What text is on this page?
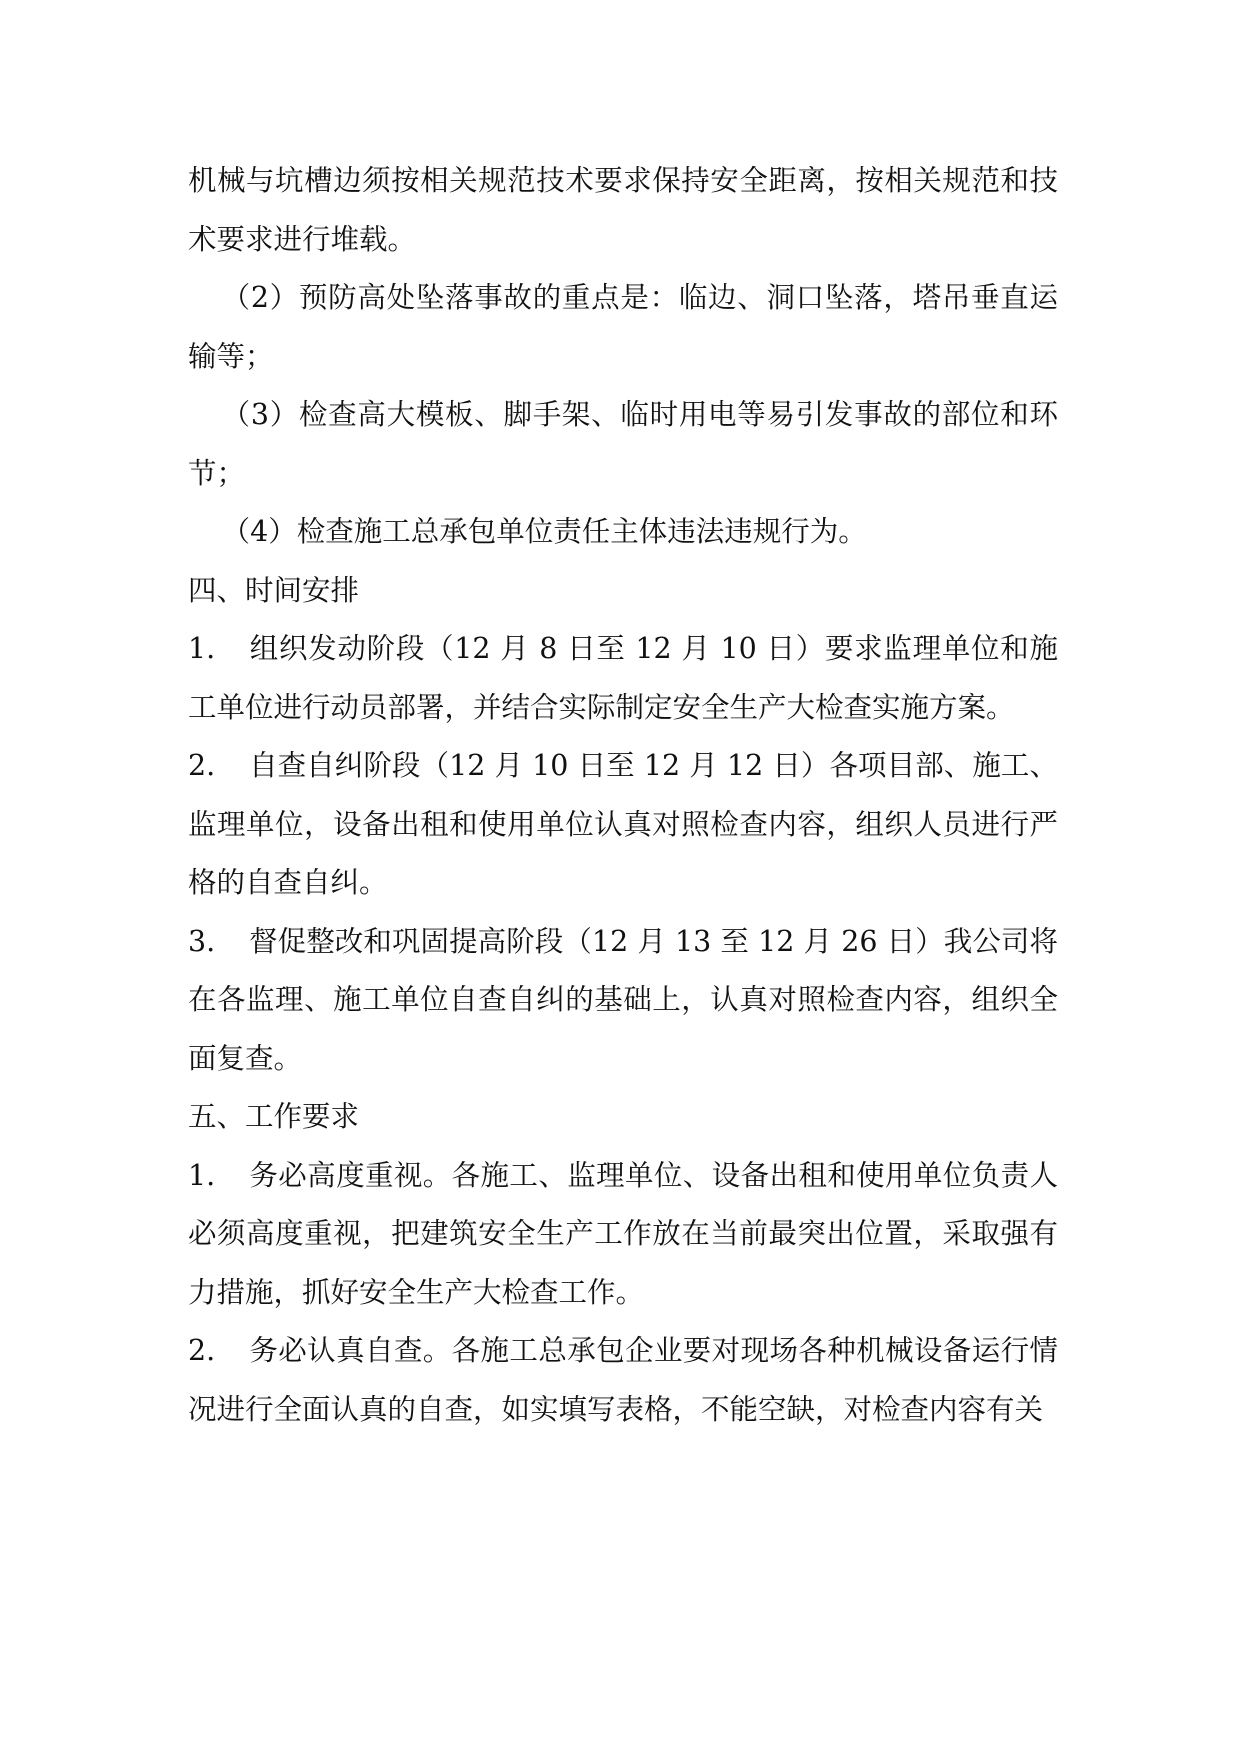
机械与坑槽边须按相关规范技术要求保持安全距离，按相关规范和技术要求进行堆载。

（2）预防高处坠落事故的重点是：临边、洞口坠落，塔吊垂直运输等；

（3）检查高大模板、脚手架、临时用电等易引发事故的部位和环节；

（4）检查施工总承包单位责任主体违法违规行为。

四、时间安排

1. 组织发动阶段（12 月 8 日至 12 月 10 日）要求监理单位和施工单位进行动员部署，并结合实际制定安全生产大检查实施方案。

2. 自查自纠阶段（12 月 10 日至 12 月 12 日）各项目部、施工、监理单位，设备出租和使用单位认真对照检查内容，组织人员进行严格的自查自纠。

3. 督促整改和巩固提高阶段（12 月 13 至 12 月 26 日）我公司将在各监理、施工单位自查自纠的基础上，认真对照检查内容，组织全面复查。

五、工作要求

1. 务必高度重视。各施工、监理单位、设备出租和使用单位负责人必须高度重视，把建筑安全生产工作放在当前最突出位置，采取强有力措施，抓好安全生产大检查工作。

2. 务必认真自查。各施工总承包企业要对现场各种机械设备运行情况进行全面认真的自查，如实填写表格，不能空缺，对检查内容有关
